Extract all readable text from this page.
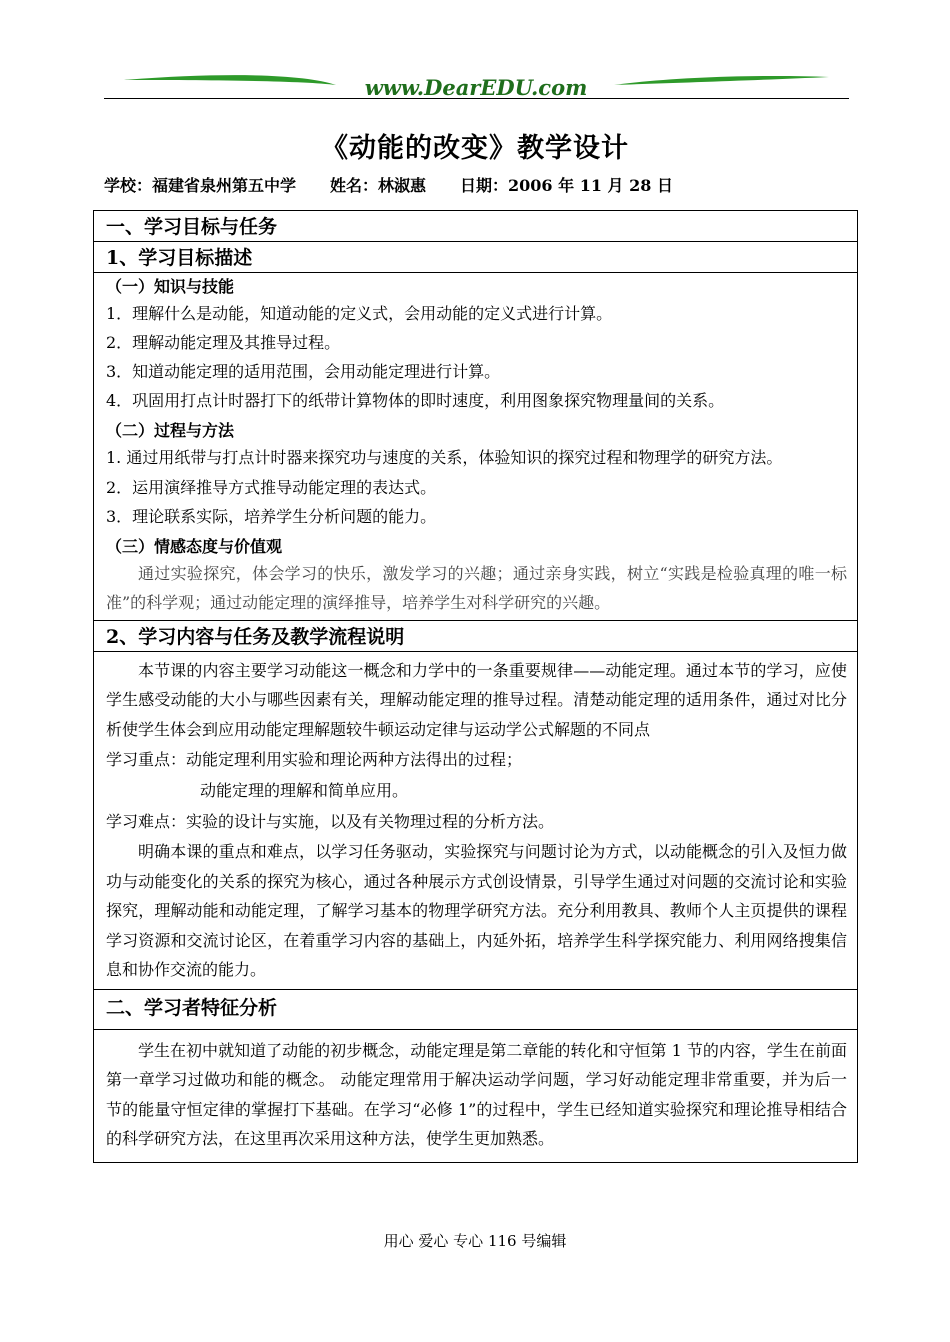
www.DearEDU.com
《动能的改变》教学设计
学校：福建省泉州第五中学 姓名：林淑惠 日期：2006 年 11 月 28 日
一、学习目标与任务
1、学习目标描述

（一）知识与技能
1．理解什么是动能，知道动能的定义式，会用动能的定义式进行计算。
2．理解动能定理及其推导过程。
3．知道动能定理的适用范围，会用动能定理进行计算。
4．巩固用打点计时器打下的纸带计算物体的即时速度，利用图象探究物理量间的关系。
（二）过程与方法
1. 通过用纸带与打点计时器来探究功与速度的关系，体验知识的探究过程和物理学的研究方法。
2．运用演绎推导方式推导动能定理的表达式。
3．理论联系实际，培养学生分析问题的能力。
（三）情感态度与价值观
通过实验探究，体会学习的快乐，激发学习的兴趣；通过亲身实践，树立“实践是检验真理的唯一标准”的科学观；通过动能定理的演绎推导，培养学生对科学研究的兴趣。

2、学习内容与任务及教学流程说明

本节课的内容主要学习动能这一概念和力学中的一条重要规律——动能定理。通过本节的学习，应使学生感受动能的大小与哪些因素有关，理解动能定理的推导过程。清楚动能定理的适用条件，通过对比分析使学生体会到应用动能定理解题较牛顿运动定律与运动学公式解题的不同点
学习重点：动能定理利用实验和理论两种方法得出的过程；
动能定理的理解和简单应用。
学习难点：实验的设计与实施，以及有关物理过程的分析方法。
明确本课的重点和难点，以学习任务驱动，实验探究与问题讨论为方式，以动能概念的引入及恒力做功与动能变化的关系的探究为核心，通过各种展示方式创设情景，引导学生通过对问题的交流讨论和实验探究，理解动能和动能定理，了解学习基本的物理学研究方法。充分利用教具、教师个人主页提供的课程学习资源和交流讨论区，在着重学习内容的基础上，内延外拓，培养学生科学探究能力、利用网络搜集信息和协作交流的能力。

二、学习者特征分析

学生在初中就知道了动能的初步概念，动能定理是第二章能的转化和守恒第 1 节的内容，学生在前面第一章学习过做功和能的概念。 动能定理常用于解决运动学问题，学习好动能定理非常重要，并为后一节的能量守恒定律的掌握打下基础。在学习“必修 1”的过程中，学生已经知道实验探究和理论推导相结合的科学研究方法，在这里再次采用这种方法，使学生更加熟悉。
用心 爱心 专心 116 号编辑
